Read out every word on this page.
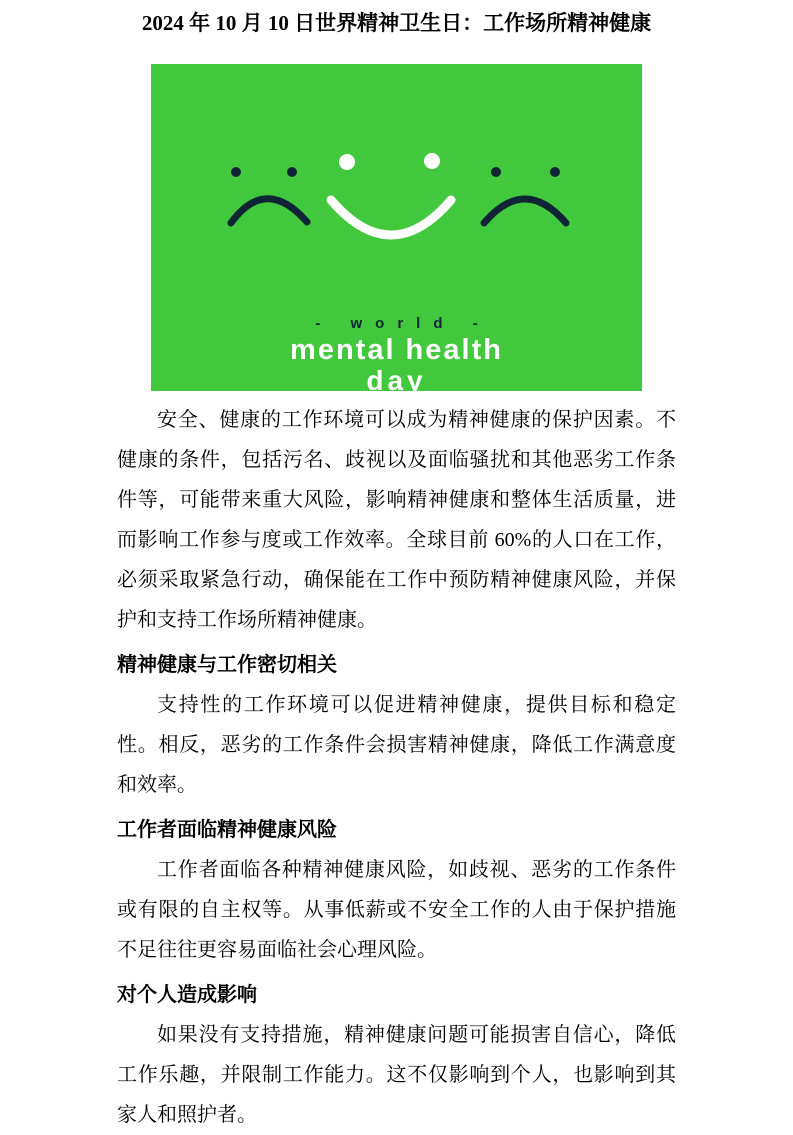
2024 年 10 月 10 日世界精神卫生日：工作场所精神健康
- world -
mental health
day

安全、健康的工作环境可以成为精神健康的保护因素。不健康的条件，包括污名、歧视以及面临骚扰和其他恶劣工作条件等，可能带来重大风险，影响精神健康和整体生活质量，进而影响工作参与度或工作效率。全球目前 60%的人口在工作，必须采取紧急行动，确保能在工作中预防精神健康风险，并保护和支持工作场所精神健康。

精神健康与工作密切相关

支持性的工作环境可以促进精神健康，提供目标和稳定性。相反，恶劣的工作条件会损害精神健康，降低工作满意度和效率。

工作者面临精神健康风险

工作者面临各种精神健康风险，如歧视、恶劣的工作条件或有限的自主权等。从事低薪或不安全工作的人由于保护措施不足往往更容易面临社会心理风险。

对个人造成影响

如果没有支持措施，精神健康问题可能损害自信心，降低工作乐趣，并限制工作能力。这不仅影响到个人，也影响到其家人和照护者。
